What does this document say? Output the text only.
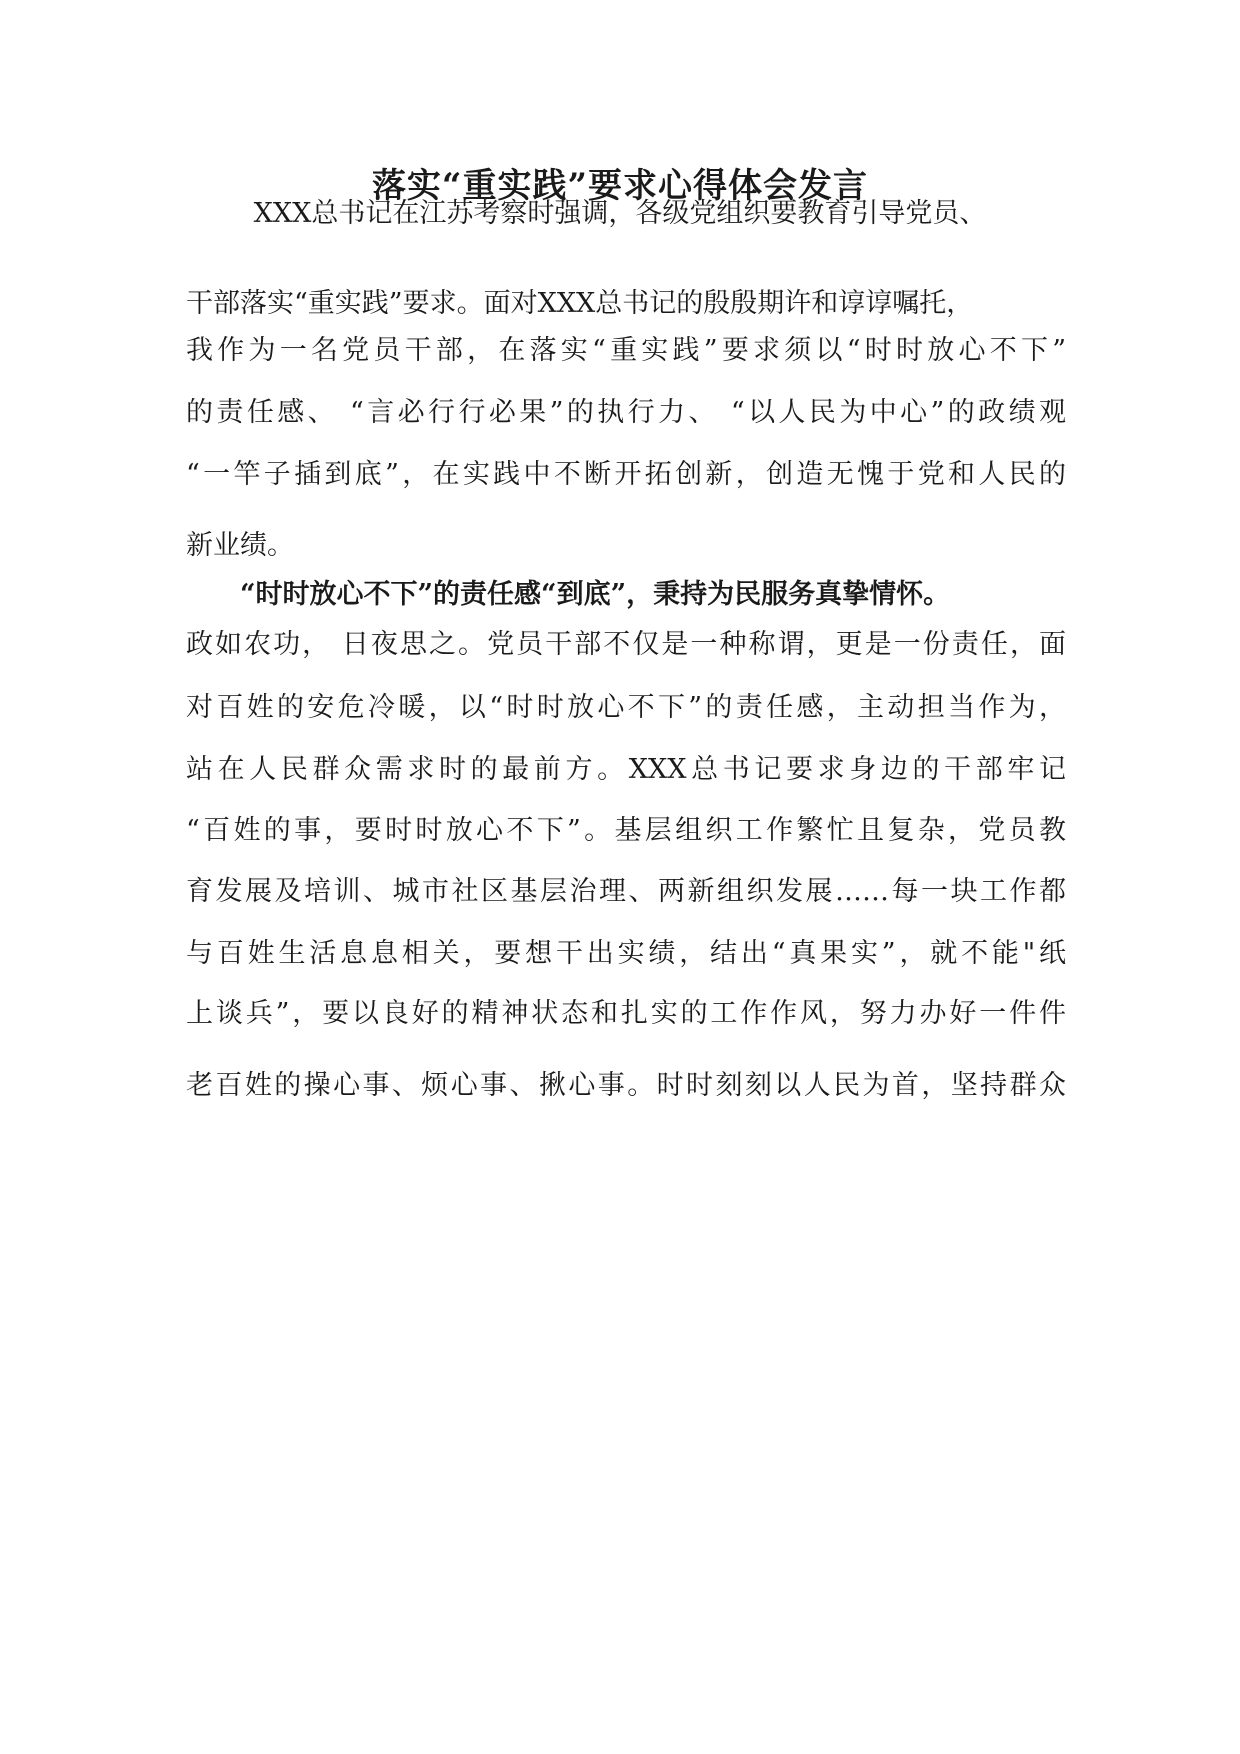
落实“重实践”要求心得体会发言

XXX总书记在江苏考察时强调，各级党组织要教育引导党员、

干部落实“重实践”要求。面对XXX总书记的殷殷期许和谆谆嘱托，

我作为一名党员干部，在落实“重实践”要求须以“时时放心不下”

的责任感、 “言必行行必果”的执行力、 “以人民为中心”的政绩观

“一竿子插到底”，在实践中不断开拓创新，创造无愧于党和人民的

新业绩。

“时时放心不下”的责任感“到底”，秉持为民服务真挚情怀。

政如农功， 日夜思之。党员干部不仅是一种称谓，更是一份责任，面

对百姓的安危冷暖，以“时时放心不下”的责任感，主动担当作为，

站在人民群众需求时的最前方。XXX总书记要求身边的干部牢记

“百姓的事，要时时放心不下”。基层组织工作繁忙且复杂，党员教

育发展及培训、城市社区基层治理、两新组织发展……每一块工作都

与百姓生活息息相关，要想干出实绩，结出“真果实”，就不能"纸

上谈兵”，要以良好的精神状态和扎实的工作作风，努力办好一件件

老百姓的操心事、烦心事、揪心事。时时刻刻以人民为首，坚持群众
